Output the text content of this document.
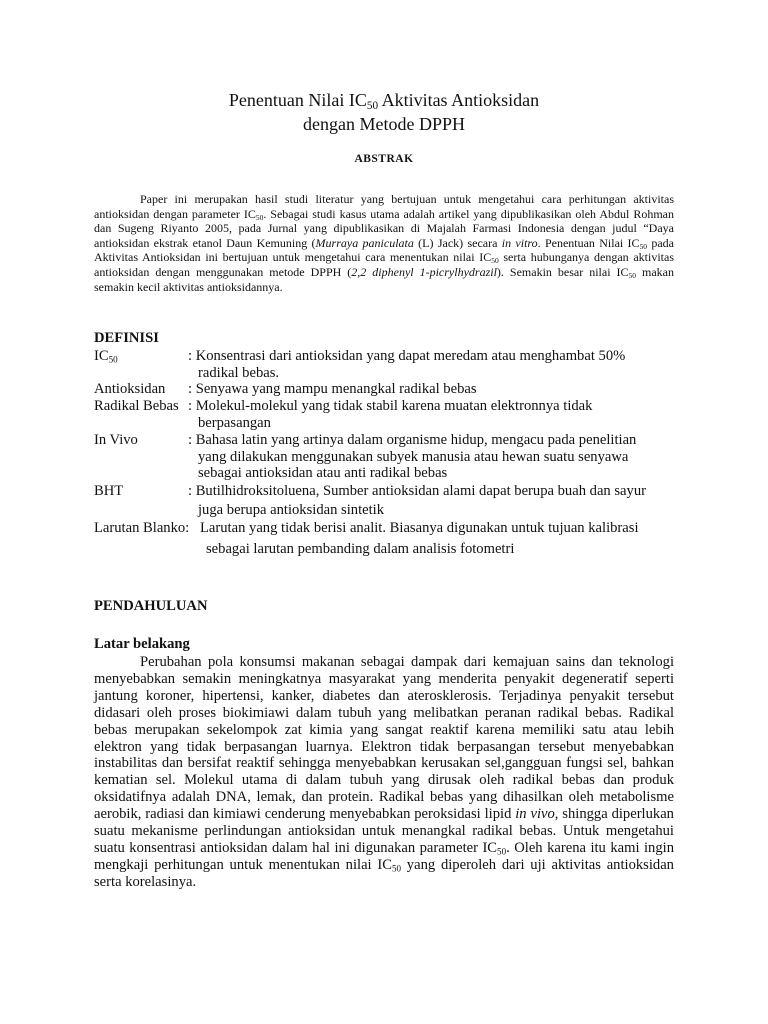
Penentuan Nilai $IC_{50}$ Aktivitas Antioksidan
dengan Metode DPPH
ABSTRAK
Paper ini merupakan hasil studi literatur yang bertujuan untuk mengetahui cara perhitungan aktivitas antioksidan dengan parameter $IC_{50}$. Sebagai studi kasus utama adalah artikel yang dipublikasikan oleh Abdul Rohman dan Sugeng Riyanto 2005, pada Jurnal yang dipublikasikan di Majalah Farmasi Indonesia dengan judul “Daya antioksidan ekstrak etanol Daun Kemuning (Murraya paniculata (L) Jack) secara in vitro. Penentuan Nilai $IC_{50}$ pada Aktivitas Antioksidan ini bertujuan untuk mengetahui cara menentukan nilai $IC_{50}$ serta hubunganya dengan aktivitas antioksidan dengan menggunakan metode DPPH (2,2 diphenyl 1-picrylhydrazil). Semakin besar nilai $IC_{50}$ makan semakin kecil aktivitas antioksidannya.
DEFINISI
$IC_{50}$	: Konsentrasi dari antioksidan yang dapat meredam atau menghambat 50%
radikal bebas.
Antioksidan : Senyawa yang mampu menangkal radikal bebas
Radikal Bebas : Molekul-molekul yang tidak stabil karena muatan elektronnya tidak
berpasangan
In Vivo	: Bahasa latin yang artinya dalam organisme hidup, mengacu pada penelitian
yang dilakukan menggunakan subyek manusia atau hewan suatu senyawa
sebagai antioksidan atau anti radikal bebas
BHT	: Butilhidroksitoluena, Sumber antioksidan alami dapat berupa buah dan sayur
juga berupa antioksidan sintetik
Larutan Blanko: Larutan yang tidak berisi analit. Biasanya digunakan untuk tujuan kalibrasi
sebagai larutan pembanding dalam analisis fotometri
PENDAHULUAN
Latar belakang
Perubahan pola konsumsi makanan sebagai dampak dari kemajuan sains dan teknologi menyebabkan semakin meningkatnya masyarakat yang menderita penyakit degeneratif seperti jantung koroner, hipertensi, kanker, diabetes dan aterosklerosis. Terjadinya penyakit tersebut didasari oleh proses biokimiawi dalam tubuh yang melibatkan peranan radikal bebas. Radikal bebas merupakan sekelompok zat kimia yang sangat reaktif karena memiliki satu atau lebih elektron yang tidak berpasangan luarnya. Elektron tidak berpasangan tersebut menyebabkan instabilitas dan bersifat reaktif sehingga menyebabkan kerusakan sel,gangguan fungsi sel, bahkan kematian sel. Molekul utama di dalam tubuh yang dirusak oleh radikal bebas dan produk oksidatifnya adalah DNA, lemak, dan protein. Radikal bebas yang dihasilkan oleh metabolisme aerobik, radiasi dan kimiawi cenderung menyebabkan peroksidasi lipid in vivo, shingga diperlukan suatu mekanisme perlindungan antioksidan untuk menangkal radikal bebas. Untuk mengetahui suatu konsentrasi antioksidan dalam hal ini digunakan parameter $IC_{50}$. Oleh karena itu kami ingin mengkaji perhitungan untuk menentukan nilai $IC_{50}$ yang diperoleh dari uji aktivitas antioksidan serta korelasinya.
